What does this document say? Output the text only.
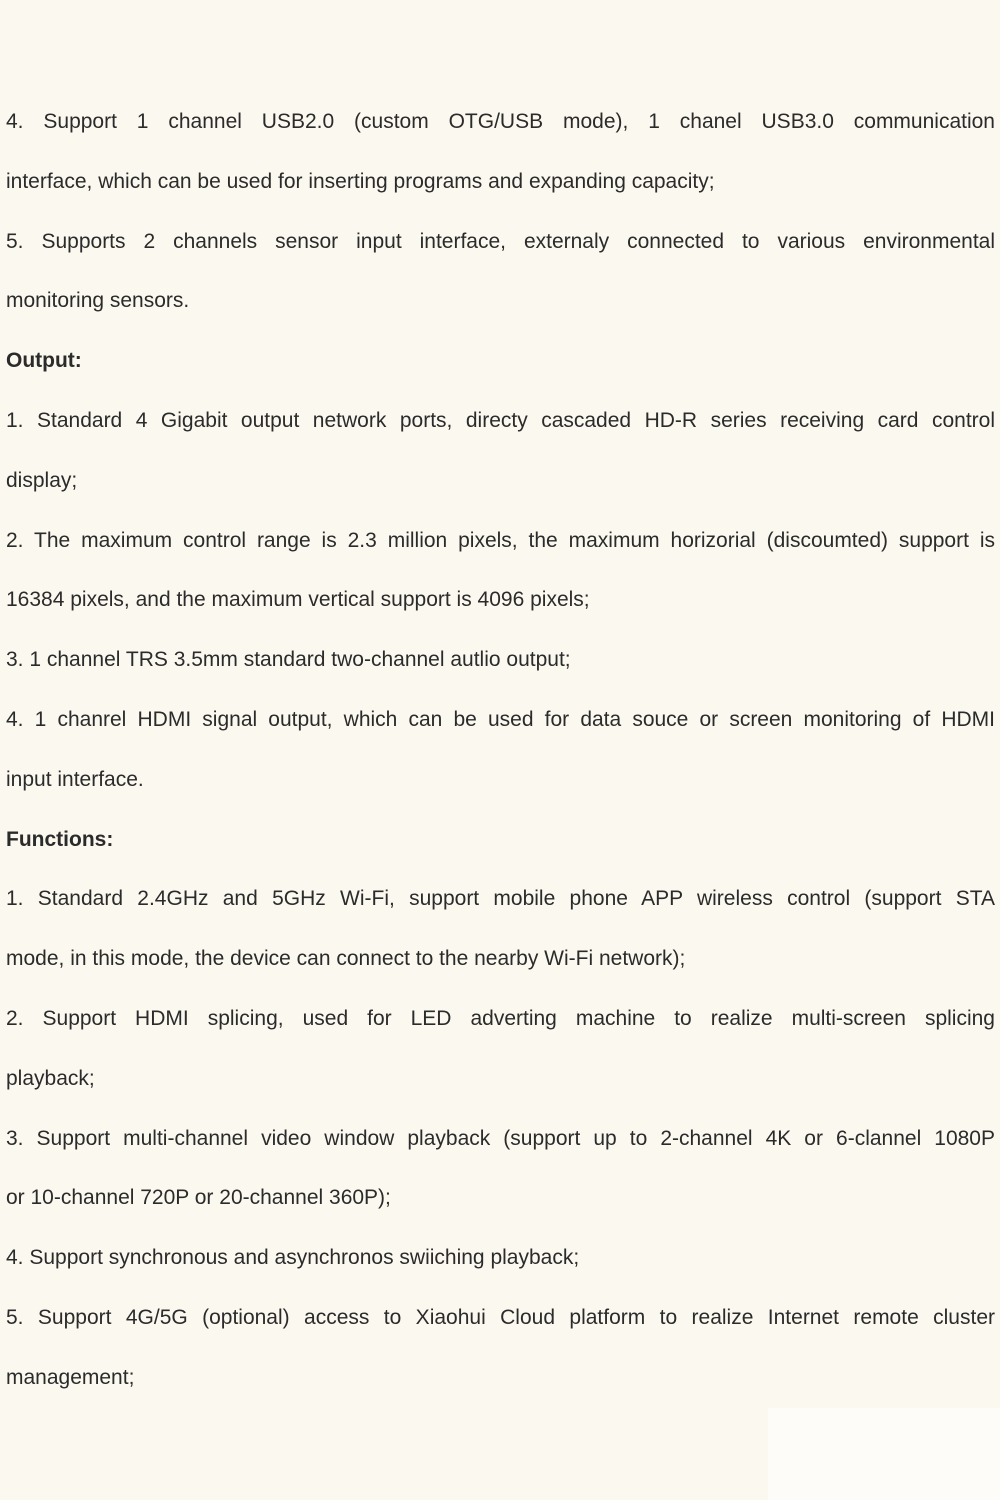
4. Support 1 channel USB2.0 (custom OTG/USB mode), 1 chanel USB3.0 communication
interface, which can be used for inserting programs and expanding capacity;
5. Supports 2 channels sensor input interface, externaly connected to various environmental
monitoring sensors.
Output:
1. Standard 4 Gigabit output network ports, directy cascaded HD-R series receiving card control
display;
2. The maximum control range is 2.3 million pixels, the maximum horizorial (discoumted) support is
16384 pixels, and the maximum vertical support is 4096 pixels;
3. 1 channel TRS 3.5mm standard two-channel autlio output;
4. 1 chanrel HDMI signal output, which can be used for data souce or screen monitoring of HDMI
input interface.
Functions:
1. Standard 2.4GHz and 5GHz Wi-Fi, support mobile phone APP wireless control (support STA
mode, in this mode, the device can connect to the nearby Wi-Fi network);
2. Support HDMI splicing, used for LED adverting machine to realize multi-screen splicing
playback;
3. Support multi-channel video window playback (support up to 2-channel 4K or 6-clannel 1080P
or 10-channel 720P or 20-channel 360P);
4. Support synchronous and asynchronos swiiching playback;
5. Support 4G/5G (optional) access to Xiaohui Cloud platform to realize Internet remote cluster
management;
